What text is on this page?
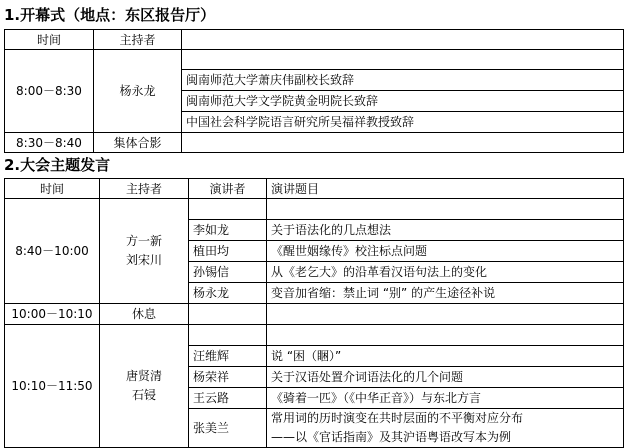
1.开幕式（地点：东区报告厅）
时间	主持者	
8:00－8:30	杨永龙	
		闽南师范大学萧庆伟副校长致辞
		闽南师范大学文学院黄金明院长致辞
		中国社会科学院语言研究所吴福祥教授致辞
8:30－8:40	集体合影	
2.大会主题发言
时间	主持者	演讲者	演讲题目
8:40－10:00	方一新
刘宋川		

		李如龙	关于语法化的几点想法
		植田均	《醒世姻缘传》校注标点问题
		孙锡信	从《老乞大》的沿革看汉语句法上的变化
		杨永龙	变音加省缩：禁止词 “别” 的产生途径补说
10:00－10:10	休息		
10:10－11:50	唐贤清
石锓		

		汪维辉	说 “困（睏）”
		杨荣祥	关于汉语处置介词语法化的几个问题
		王云路	《骑着一匹》（《中华正音》）与东北方言
		张美兰	常用词的历时演变在共时层面的不平衡对应分布
——以《官话指南》及其沪语粤语改写本为例
